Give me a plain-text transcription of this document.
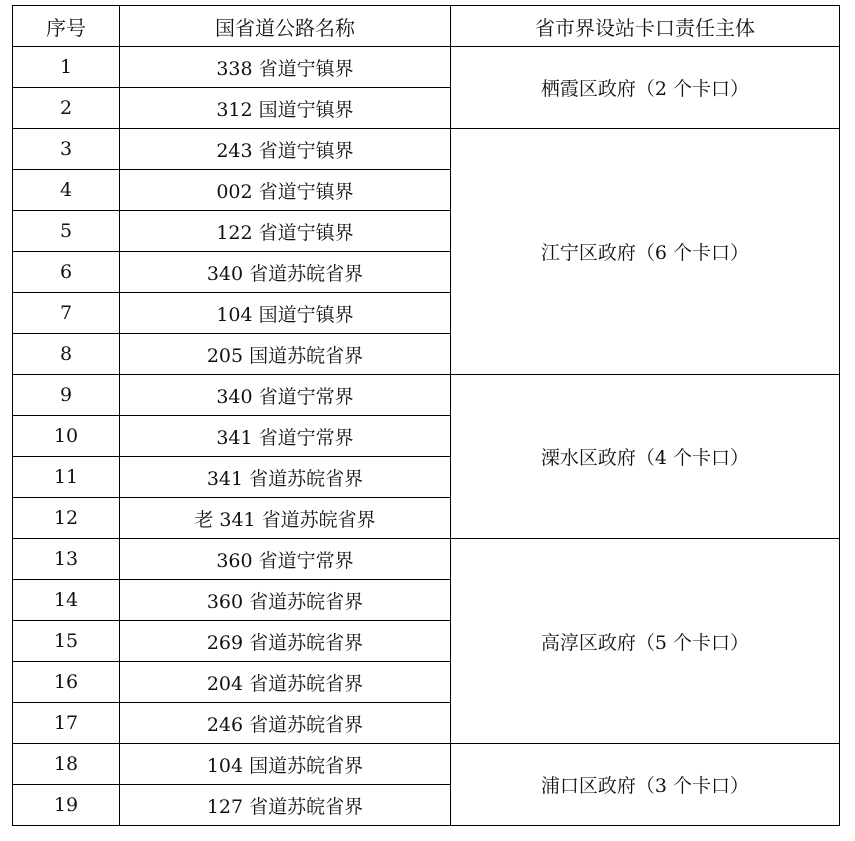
序号	国省道公路名称	省市界设站卡口责任主体
1	338 省道宁镇界	栖霞区政府（2 个卡口）
2	312 国道宁镇界	
3	243 省道宁镇界	江宁区政府（6 个卡口）
4	002 省道宁镇界	
5	122 省道宁镇界	
6	340 省道苏皖省界	
7	104 国道宁镇界	
8	205 国道苏皖省界	
9	340 省道宁常界	溧水区政府（4 个卡口）
10	341 省道宁常界	
11	341 省道苏皖省界	
12	老 341 省道苏皖省界	
13	360 省道宁常界	高淳区政府（5 个卡口）
14	360 省道苏皖省界	
15	269 省道苏皖省界	
16	204 省道苏皖省界	
17	246 省道苏皖省界	
18	104 国道苏皖省界	浦口区政府（3 个卡口）
19	127 省道苏皖省界	
